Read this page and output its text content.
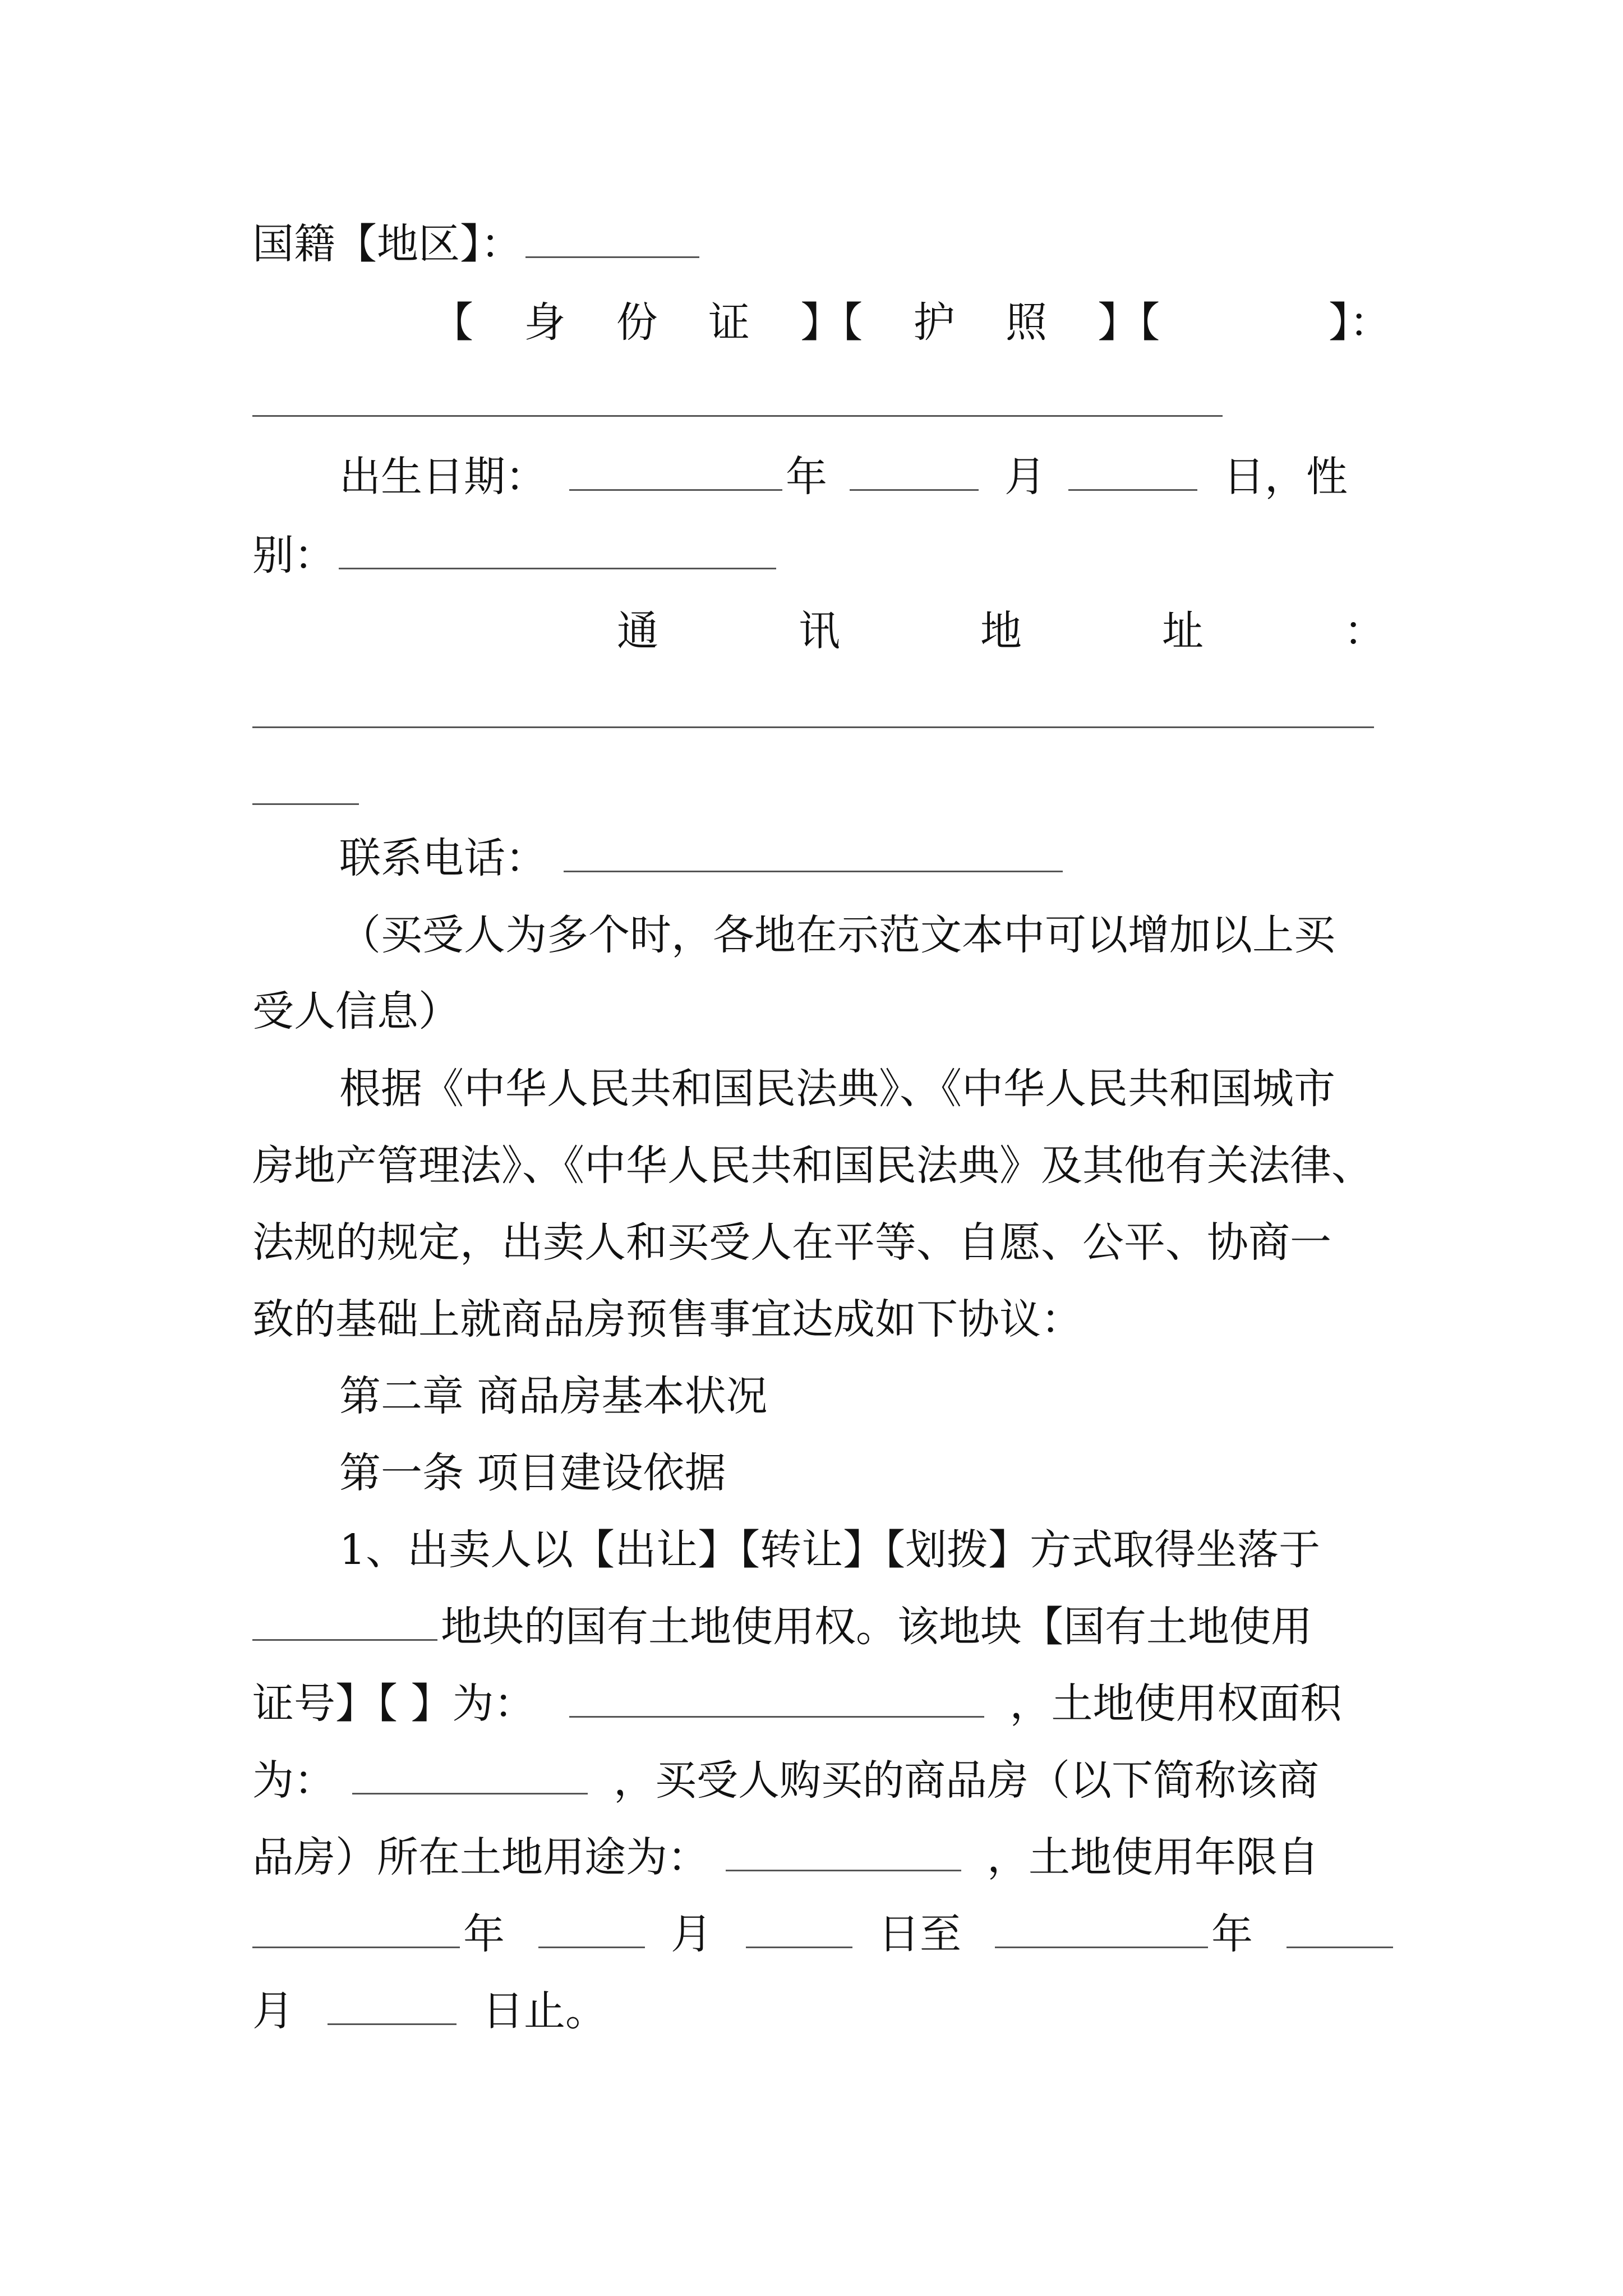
国籍【地区】：
【 身 份 证 】【 护 照 】【	】：
出生日期：	年	月	日，性
别：
通	讯	地	址	：
联系电话：
（买受人为多个时，各地在示范文本中可以增加以上买
受人信息）
根据《中华人民共和国民法典》、《中华人民共和国城市
房地产管理法》、《中华人民共和国民法典》及其他有关法律、
法规的规定，出卖人和买受人在平等、自愿、公平、协商一
致的基础上就商品房预售事宜达成如下协议：
第二章 商品房基本状况
第一条 项目建设依据
1、出卖人以【出让】【转让】【划拨】方式取得坐落于
地块的国有土地使用权。该地块【国有土地使用
证号】【 】为：	，土地使用权面积
为：	，买受人购买的商品房（以下简称该商
品房）所在土地用途为：	，土地使用年限自
年	月	日至	年
月	日止。
